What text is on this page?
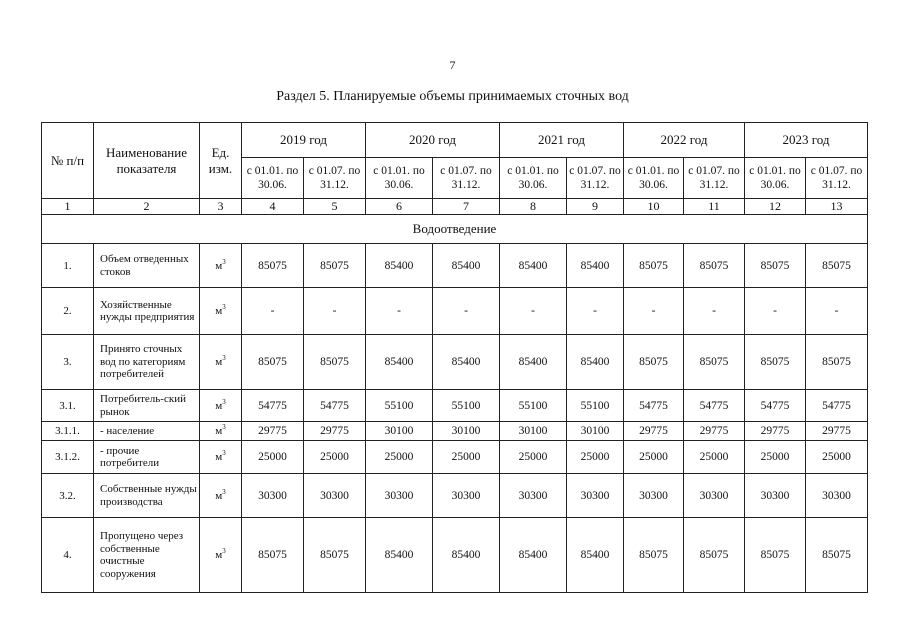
7
Раздел 5. Планируемые объемы принимаемых сточных вод
№ п/п	Наименование показателя	Ед. изм.	2019 год		2020 год		2021 год		2022 год		2023 год	
			с 01.01. по 30.06.	с 01.07. по 31.12.	с 01.01. по 30.06.	с 01.07. по 31.12.	с 01.01. по 30.06.	с 01.07. по 31.12.	с 01.01. по 30.06.	с 01.07. по 31.12.	с 01.01. по 30.06.	с 01.07. по 31.12.
1	2	3	4	5	6	7	8	9	10	11	12	13
Водоотведение												
1.	Объем отведенных стоков	$м^3$	85075	85075	85400	85400	85400	85400	85075	85075	85075	85075
2.	Хозяйственные нужды предприятия	$м^3$	-	-	-	-	-	-	-	-	-	-
3.	Принято сточных вод по категориям потребителей	$м^3$	85075	85075	85400	85400	85400	85400	85075	85075	85075	85075
3.1.	Потребитель-ский рынок	$м^3$	54775	54775	55100	55100	55100	55100	54775	54775	54775	54775
3.1.1.	- население	$м^3$	29775	29775	30100	30100	30100	30100	29775	29775	29775	29775
3.1.2.	- прочие потребители	$м^3$	25000	25000	25000	25000	25000	25000	25000	25000	25000	25000
3.2.	Собственные нужды производства	$м^3$	30300	30300	30300	30300	30300	30300	30300	30300	30300	30300
4.	Пропущено через собственные очистные сооружения	$м^3$	85075	85075	85400	85400	85400	85400	85075	85075	85075	85075
